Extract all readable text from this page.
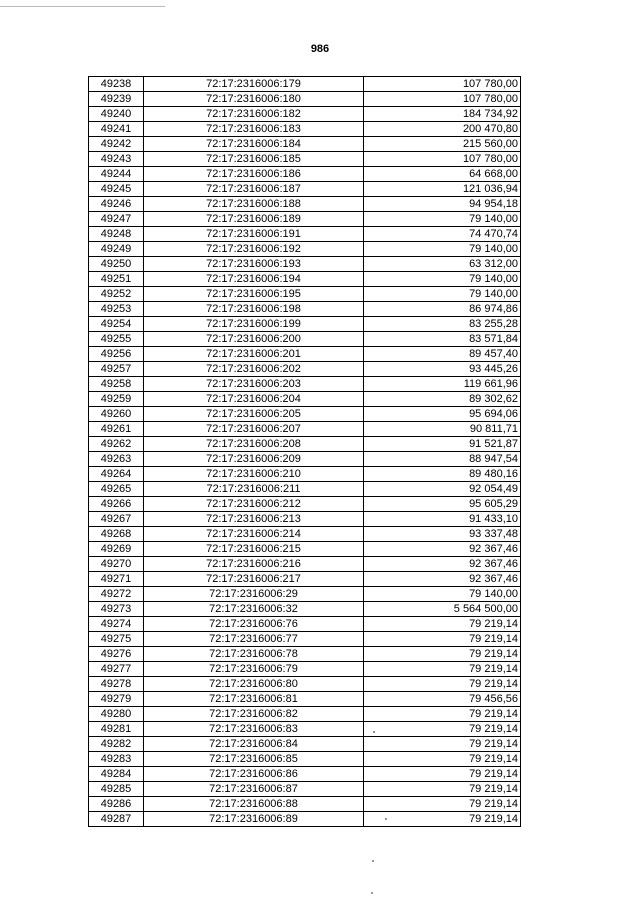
986
49238	72:17:2316006:179	107 780,00
49239	72:17:2316006:180	107 780,00
49240	72:17:2316006:182	184 734,92
49241	72:17:2316006:183	200 470,80
49242	72:17:2316006:184	215 560,00
49243	72:17:2316006:185	107 780,00
49244	72:17:2316006:186	64 668,00
49245	72:17:2316006:187	121 036,94
49246	72:17:2316006:188	94 954,18
49247	72:17:2316006:189	79 140,00
49248	72:17:2316006:191	74 470,74
49249	72:17:2316006:192	79 140,00
49250	72:17:2316006:193	63 312,00
49251	72:17:2316006:194	79 140,00
49252	72:17:2316006:195	79 140,00
49253	72:17:2316006:198	86 974,86
49254	72:17:2316006:199	83 255,28
49255	72:17:2316006:200	83 571,84
49256	72:17:2316006:201	89 457,40
49257	72:17:2316006:202	93 445,26
49258	72:17:2316006:203	119 661,96
49259	72:17:2316006:204	89 302,62
49260	72:17:2316006:205	95 694,06
49261	72:17:2316006:207	90 811,71
49262	72:17:2316006:208	91 521,87
49263	72:17:2316006:209	88 947,54
49264	72:17:2316006:210	89 480,16
49265	72:17:2316006:211	92 054,49
49266	72:17:2316006:212	95 605,29
49267	72:17:2316006:213	91 433,10
49268	72:17:2316006:214	93 337,48
49269	72:17:2316006:215	92 367,46
49270	72:17:2316006:216	92 367,46
49271	72:17:2316006:217	92 367,46
49272	72:17:2316006:29	79 140,00
49273	72:17:2316006:32	5 564 500,00
49274	72:17:2316006:76	79 219,14
49275	72:17:2316006:77	79 219,14
49276	72:17:2316006:78	79 219,14
49277	72:17:2316006:79	79 219,14
49278	72:17:2316006:80	79 219,14
49279	72:17:2316006:81	79 456,56
49280	72:17:2316006:82	79 219,14
49281	72:17:2316006:83	79 219,14
49282	72:17:2316006:84	79 219,14
49283	72:17:2316006:85	79 219,14
49284	72:17:2316006:86	79 219,14
49285	72:17:2316006:87	79 219,14
49286	72:17:2316006:88	79 219,14
49287	72:17:2316006:89	79 219,14
